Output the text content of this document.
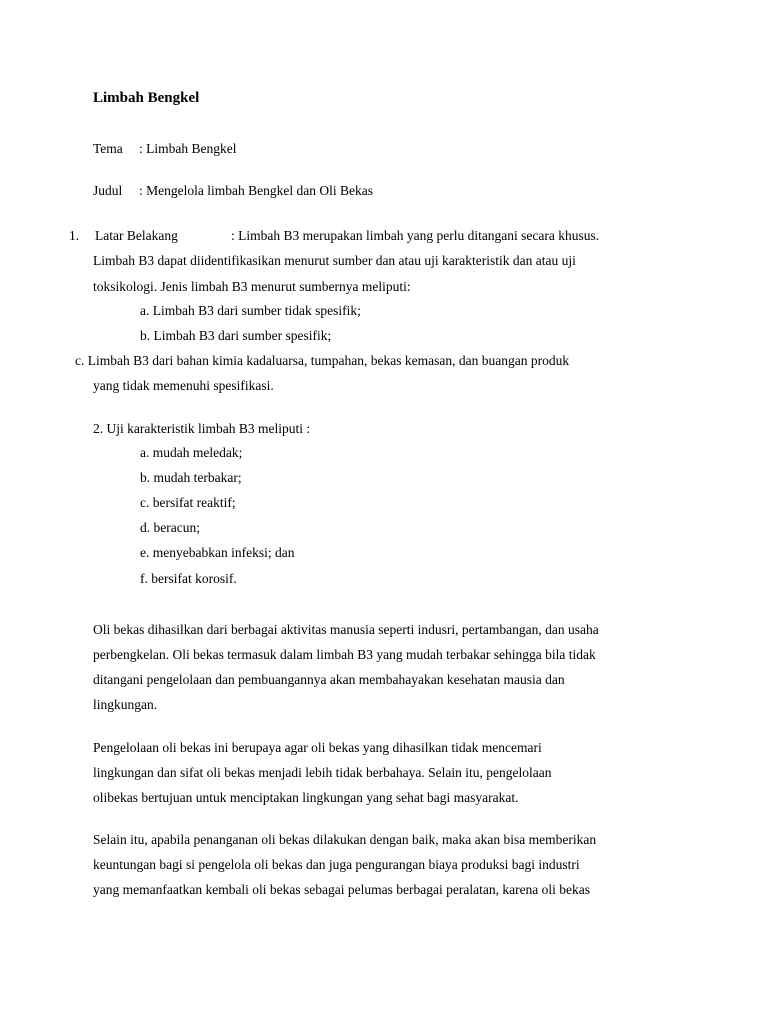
Limbah Bengkel
Tema : Limbah Bengkel
Judul : Mengelola limbah Bengkel dan Oli Bekas
1. Latar Belakang	: Limbah B3 merupakan limbah yang perlu ditangani secara khusus.
Limbah B3 dapat diidentifikasikan menurut sumber dan atau uji karakteristik dan atau uji
toksikologi. Jenis limbah B3 menurut sumbernya meliputi:
a. Limbah B3 dari sumber tidak spesifik;
b. Limbah B3 dari sumber spesifik;
c. Limbah B3 dari bahan kimia kadaluarsa, tumpahan, bekas kemasan, dan buangan produk
yang tidak memenuhi spesifikasi.
2. Uji karakteristik limbah B3 meliputi :
a. mudah meledak;
b. mudah terbakar;
c. bersifat reaktif;
d. beracun;
e. menyebabkan infeksi; dan
f. bersifat korosif.
Oli bekas dihasilkan dari berbagai aktivitas manusia seperti indusri, pertambangan, dan usaha
perbengkelan. Oli bekas termasuk dalam limbah B3 yang mudah terbakar sehingga bila tidak
ditangani pengelolaan dan pembuangannya akan membahayakan kesehatan mausia dan
lingkungan.
Pengelolaan oli bekas ini berupaya agar oli bekas yang dihasilkan tidak mencemari
lingkungan dan sifat oli bekas menjadi lebih tidak berbahaya. Selain itu, pengelolaan
olibekas bertujuan untuk menciptakan lingkungan yang sehat bagi masyarakat.
Selain itu, apabila penanganan oli bekas dilakukan dengan baik, maka akan bisa memberikan
keuntungan bagi si pengelola oli bekas dan juga pengurangan biaya produksi bagi industri
yang memanfaatkan kembali oli bekas sebagai pelumas berbagai peralatan, karena oli bekas
